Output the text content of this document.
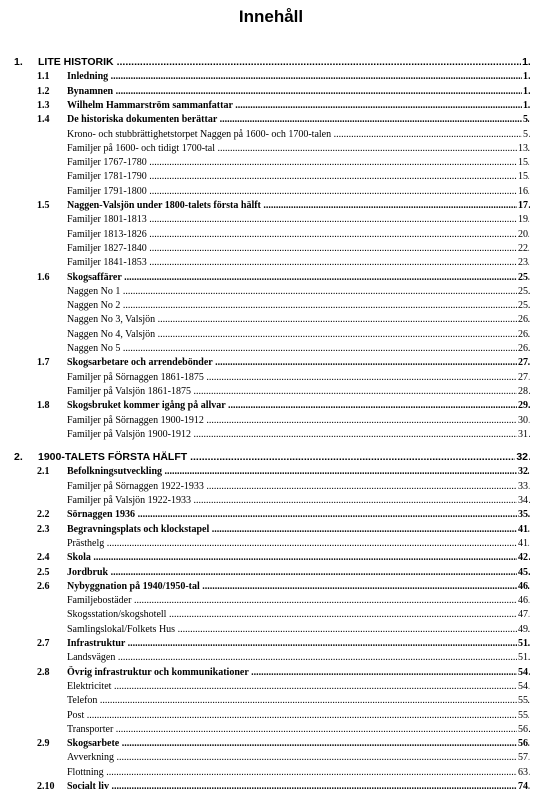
Innehåll
1. LITE HISTORIK .....	1
1.1 Inledning .....	1
1.2 Bynamnen .....	1
1.3 Wilhelm Hammarström sammanfattar .....	1
1.4 De historiska dokumenten berättar .....	5
Krono- och stubbrättighetstorpet Naggen på 1600- och 1700-talen .....	5
Familjer på 1600- och tidigt 1700-tal .....	13
Familjer 1767-1780 .....	15
Familjer 1781-1790 .....	15
Familjer 1791-1800 .....	16
1.5 Naggen-Valsjön under 1800-talets första hälft .....	17
Familjer 1801-1813 .....	19
Familjer 1813-1826 .....	20
Familjer 1827-1840 .....	22
Familjer 1841-1853 .....	23
1.6 Skogsaffärer .....	25
Naggen No 1 .....	25
Naggen No 2 .....	25
Naggen No 3, Valsjön .....	26
Naggen No 4, Valsjön .....	26
Naggen No 5 .....	26
1.7 Skogsarbetare och arrendebönder .....	27
Familjer på Sörnaggen 1861-1875 .....	27
Familjer på Valsjön 1861-1875 .....	28
1.8 Skogsbruket kommer igång på allvar .....	29
Familjer på Sörnaggen 1900-1912 .....	30
Familjer på Valsjön 1900-1912 .....	31
2. 1900-TALETS FÖRSTA HÄLFT .....	32
2.1 Befolkningsutveckling .....	32
Familjer på Sörnaggen 1922-1933 .....	33
Familjer på Valsjön 1922-1933 .....	34
2.2 Sörnaggen 1936 .....	35
2.3 Begravningsplats och klockstapel .....	41
Prästhelg .....	41
2.4 Skola .....	42
2.5 Jordbruk .....	45
2.6 Nybyggnation på 1940/1950-tal .....	46
Familjebostäder .....	46
Skogsstation/skogshotell .....	47
Samlingslokal/Folkets Hus .....	49
2.7 Infrastruktur .....	51
Landsvägen .....	51
2.8 Övrig infrastruktur och kommunikationer .....	54
Elektricitet .....	54
Telefon .....	55
Post .....	55
Transporter .....	56
2.9 Skogsarbete .....	56
Avverkning .....	57
Flottning .....	63
2.10 Socialt liv .....	74
